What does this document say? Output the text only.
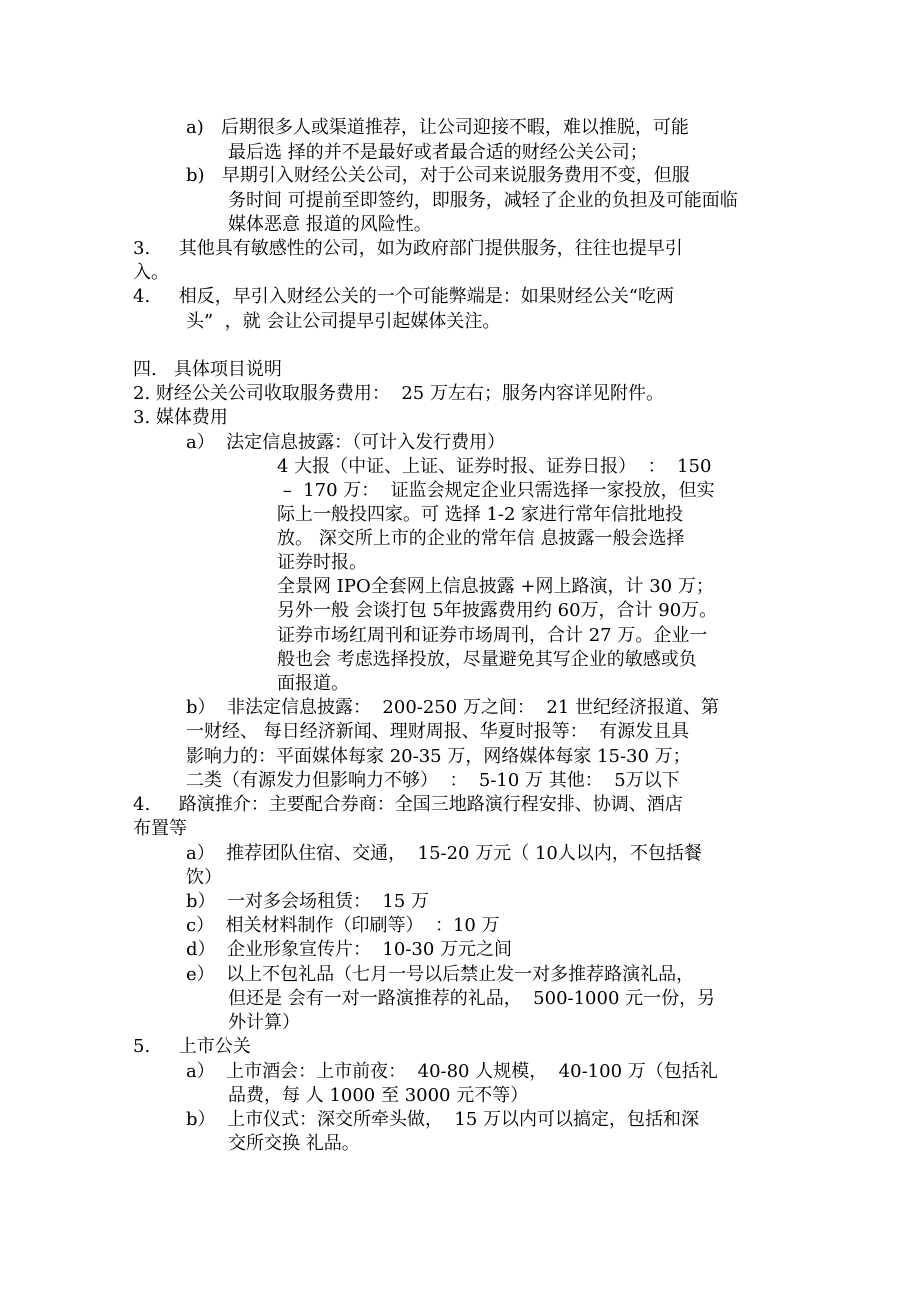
a)   后期很多人或渠道推荐，让公司迎接不暇，难以推脱，可能
最后选 择的并不是最好或者最合适的财经公关公司；
b)   早期引入财经公关公司，对于公司来说服务费用不变，但服
务时间 可提前至即签约，即服务，减轻了企业的负担及可能面临
媒体恶意 报道的风险性。
3.     其他具有敏感性的公司，如为政府部门提供服务，往往也提早引
入。
4.     相反，早引入财经公关的一个可能弊端是：如果财经公关“吃两
头”  ，就 会让公司提早引起媒体关注。
四.   具体项目说明
2. 财经公关公司收取服务费用：  25 万左右；服务内容详见附件。
3. 媒体费用
a）  法定信息披露：（可计入发行费用）
4 大报（中证、上证、证券时报、证券日报）  ：  150
–  170 万：  证监会规定企业只需选择一家投放，但实
际上一般投四家。可 选择 1-2 家进行常年信批地投
放。 深交所上市的企业的常年信 息披露一般会选择
证券时报。
全景网 IPO全套网上信息披露 +网上路演，计 30 万；
另外一般 会谈打包 5年披露费用约 60万，合计 90万。
证券市场红周刊和证券市场周刊，合计 27 万。企业一
般也会 考虑选择投放，尽量避免其写企业的敏感或负
面报道。
b）  非法定信息披露：  200-250 万之间：  21 世纪经济报道、第
一财经、 每日经济新闻、理财周报、华夏时报等：  有源发且具
影响力的：平面媒体每家 20-35 万，网络媒体每家 15-30 万；
二类（有源发力但影响力不够）  ：  5-10 万 其他：  5万以下
4.     路演推介：主要配合券商：全国三地路演行程安排、协调、酒店
布置等
a）  推荐团队住宿、交通，  15-20 万元（ 10人以内，不包括餐
饮）
b）  一对多会场租赁：  15 万
c）  相关材料制作（印刷等）  ：10 万
d）  企业形象宣传片：  10-30 万元之间
e）  以上不包礼品（七月一号以后禁止发一对多推荐路演礼品，
但还是 会有一对一路演推荐的礼品，  500-1000 元一份，另
外计算）
5.     上市公关
a）  上市酒会：上市前夜：  40-80 人规模，  40-100 万（包括礼
品费，每 人 1000 至 3000 元不等）
b）  上市仪式：深交所牵头做，  15 万以内可以搞定，包括和深
交所交换 礼品。
